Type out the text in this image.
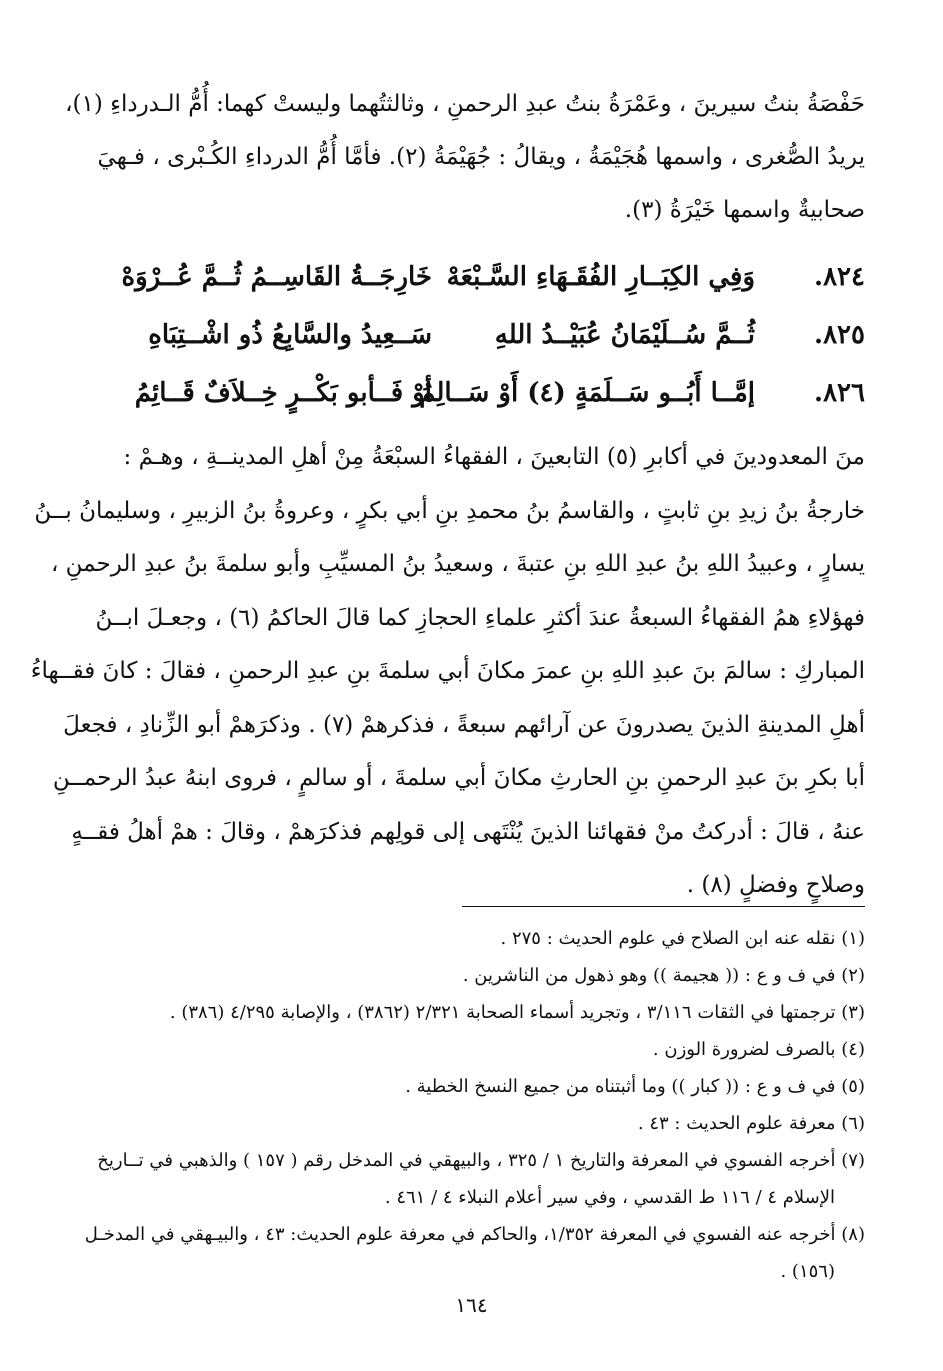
حَفْصَةُ بنتُ سيرينَ ، وعَمْرَةُ بنتُ عبدِ الرحمنِ ، وثالثتُهما وليستْ كهما: أُمُّ الـدرداءِ (١)،
يريدُ الصُّغرى ، واسمها هُجَيْمَةُ ، ويقالُ : جُهَيْمَةُ (٢). فأمَّا أُمُّ الدرداءِ الكُـبْرى ، فـهيَ
صحابيةٌ واسمها خَيْرَةُ (٣).
٨٢٤.
وَفِي الكِبَــارِ الفُقَـهَاءِ السَّـبْعَهْ
خَارِجَــةُ القَاسِــمُ ثُــمَّ عُــرْوَهْ
٨٢٥.
ثُــمَّ سُــلَيْمَانُ عُبَيْــدُ اللهِ
سَــعِيدُ والسَّابِعُ ذُو اشْــتِبَاهِ
٨٢٦.
إمَّــا أَبُــو سَــلَمَةٍ (٤) أَوْ سَــالِمُ
أوْ فَــأبو بَكْــرٍ خِــلاَفٌ قَــائِمُ
منَ المعدودينَ في أكابرِ (٥) التابعينَ ، الفقهاءُ السبْعَةُ مِنْ أهلِ المدينــةِ ، وهـمْ :
خارجةُ بنُ زيدِ بنِ ثابتٍ ، والقاسمُ بنُ محمدِ بنِ أبي بكرٍ ، وعروةُ بنُ الزبيرِ ، وسليمانُ بــنُ
يسارٍ ، وعبيدُ اللهِ بنُ عبدِ اللهِ بنِ عتبةَ ، وسعيدُ بنُ المسيِّبِ وأبو سلمةَ بنُ عبدِ الرحمنِ ،
فهؤلاءِ همُ الفقهاءُ السبعةُ عندَ أكثرِ علماءِ الحجازِ كما قالَ الحاكمُ (٦) ، وجعـلَ ابــنُ
المباركِ : سالمَ بنَ عبدِ اللهِ بنِ عمرَ مكانَ أبي سلمةَ بنِ عبدِ الرحمنِ ، فقالَ : كانَ فقــهاءُ
أهلِ المدينةِ الذينَ يصدرونَ عن آرائهم سبعةً ، فذكرهمْ (٧) . وذكرَهمْ أبو الزِّنادِ ، فجعلَ
أبا بكرِ بنَ عبدِ الرحمنِ بنِ الحارثِ مكانَ أبي سلمةَ ، أو سالمٍ ، فروى ابنهُ عبدُ الرحمــنِ
عنهُ ، قالَ : أدركتُ منْ فقهائنا الذينَ يُنْتَهى إلى قولِهم فذكرَهمْ ، وقالَ : همْ أهلُ فقــهٍ
وصلاحٍ وفضلٍ (٨) .
(١) نقله عنه ابن الصلاح في علوم الحديث : ٢٧٥ .
(٢) في ف و ع : (( هجيمة )) وهو ذهول من الناشرين .
(٣) ترجمتها في الثقات ٣/١١٦ ، وتجريد أسماء الصحابة ٢/٣٢١ (٣٨٦٢) ، والإصابة ٤/٢٩٥ (٣٨٦) .
(٤) بالصرف لضرورة الوزن .
(٥) في ف و ع : (( كبار )) وما أثبتناه من جميع النسخ الخطية .
(٦) معرفة علوم الحديث : ٤٣ .
(٧) أخرجه الفسوي في المعرفة والتاريخ ١ / ٣٢٥ ، والبيهقي في المدخل رقم ( ١٥٧ ) والذهبي في تــاريخ
الإسلام ٤ / ١١٦ ط القدسي ، وفي سير أعلام النبلاء ٤ / ٤٦١ .
(٨) أخرجه عنه الفسوي في المعرفة ١/٣٥٢، والحاكم في معرفة علوم الحديث: ٤٣ ، والبيـهقي في المدخـل
(١٥٦) .
١٦٤
